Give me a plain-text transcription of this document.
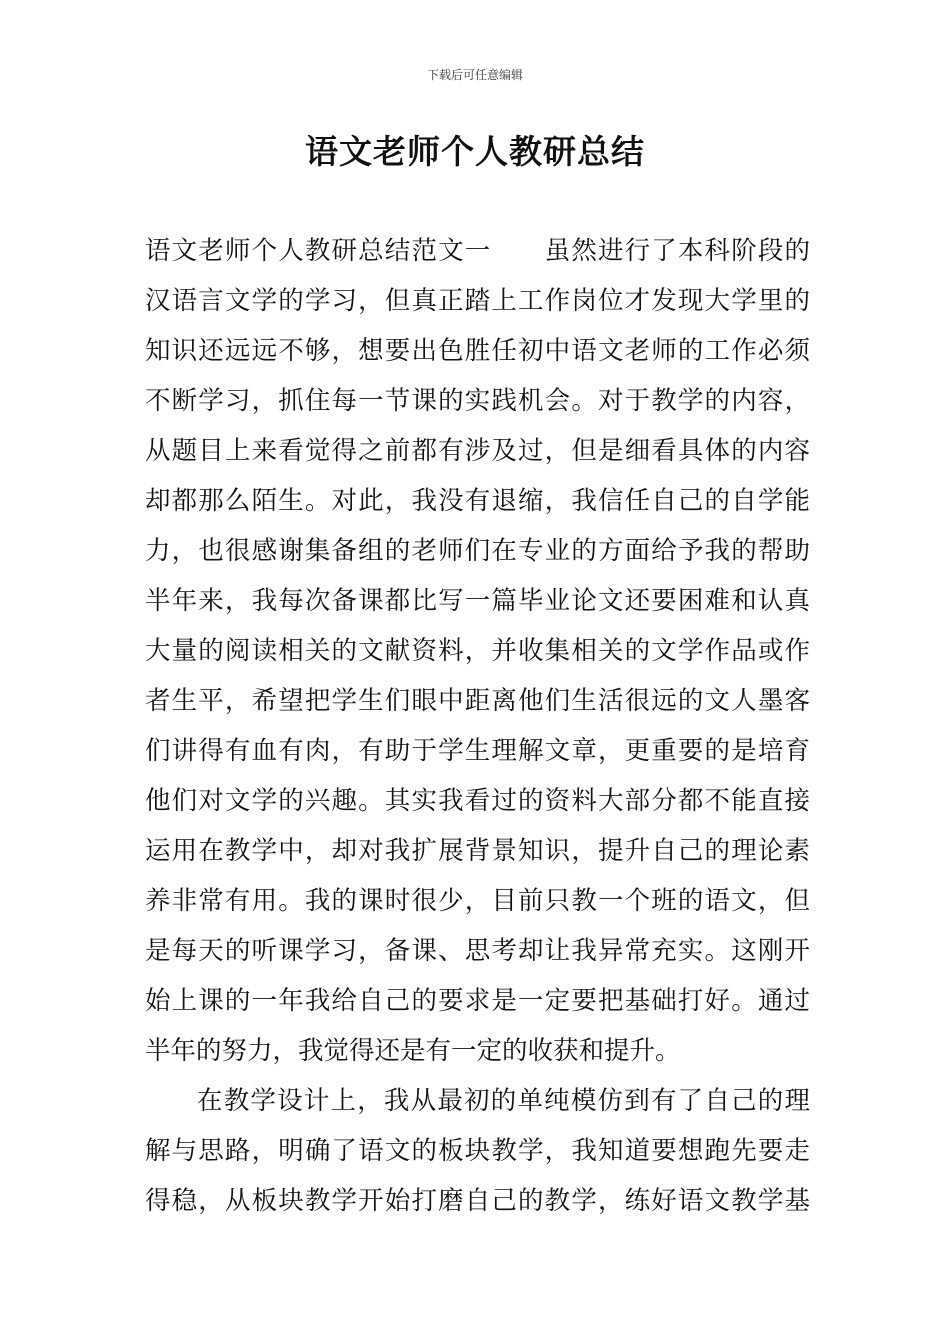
下载后可任意编辑
语文老师个人教研总结
语文老师个人教研总结范文一　　虽然进行了本科阶段的
汉语言文学的学习，但真正踏上工作岗位才发现大学里的
知识还远远不够，想要出色胜任初中语文老师的工作必须
不断学习，抓住每一节课的实践机会。对于教学的内容，
从题目上来看觉得之前都有涉及过，但是细看具体的内容
却都那么陌生。对此，我没有退缩，我信任自己的自学能
力，也很感谢集备组的老师们在专业的方面给予我的帮助
半年来，我每次备课都比写一篇毕业论文还要困难和认真
大量的阅读相关的文献资料，并收集相关的文学作品或作
者生平，希望把学生们眼中距离他们生活很远的文人墨客
们讲得有血有肉，有助于学生理解文章，更重要的是培育
他们对文学的兴趣。其实我看过的资料大部分都不能直接
运用在教学中，却对我扩展背景知识，提升自己的理论素
养非常有用。我的课时很少，目前只教一个班的语文，但
是每天的听课学习，备课、思考却让我异常充实。这刚开
始上课的一年我给自己的要求是一定要把基础打好。通过
半年的努力，我觉得还是有一定的收获和提升。
在教学设计上，我从最初的单纯模仿到有了自己的理
解与思路，明确了语文的板块教学，我知道要想跑先要走
得稳，从板块教学开始打磨自己的教学，练好语文教学基
